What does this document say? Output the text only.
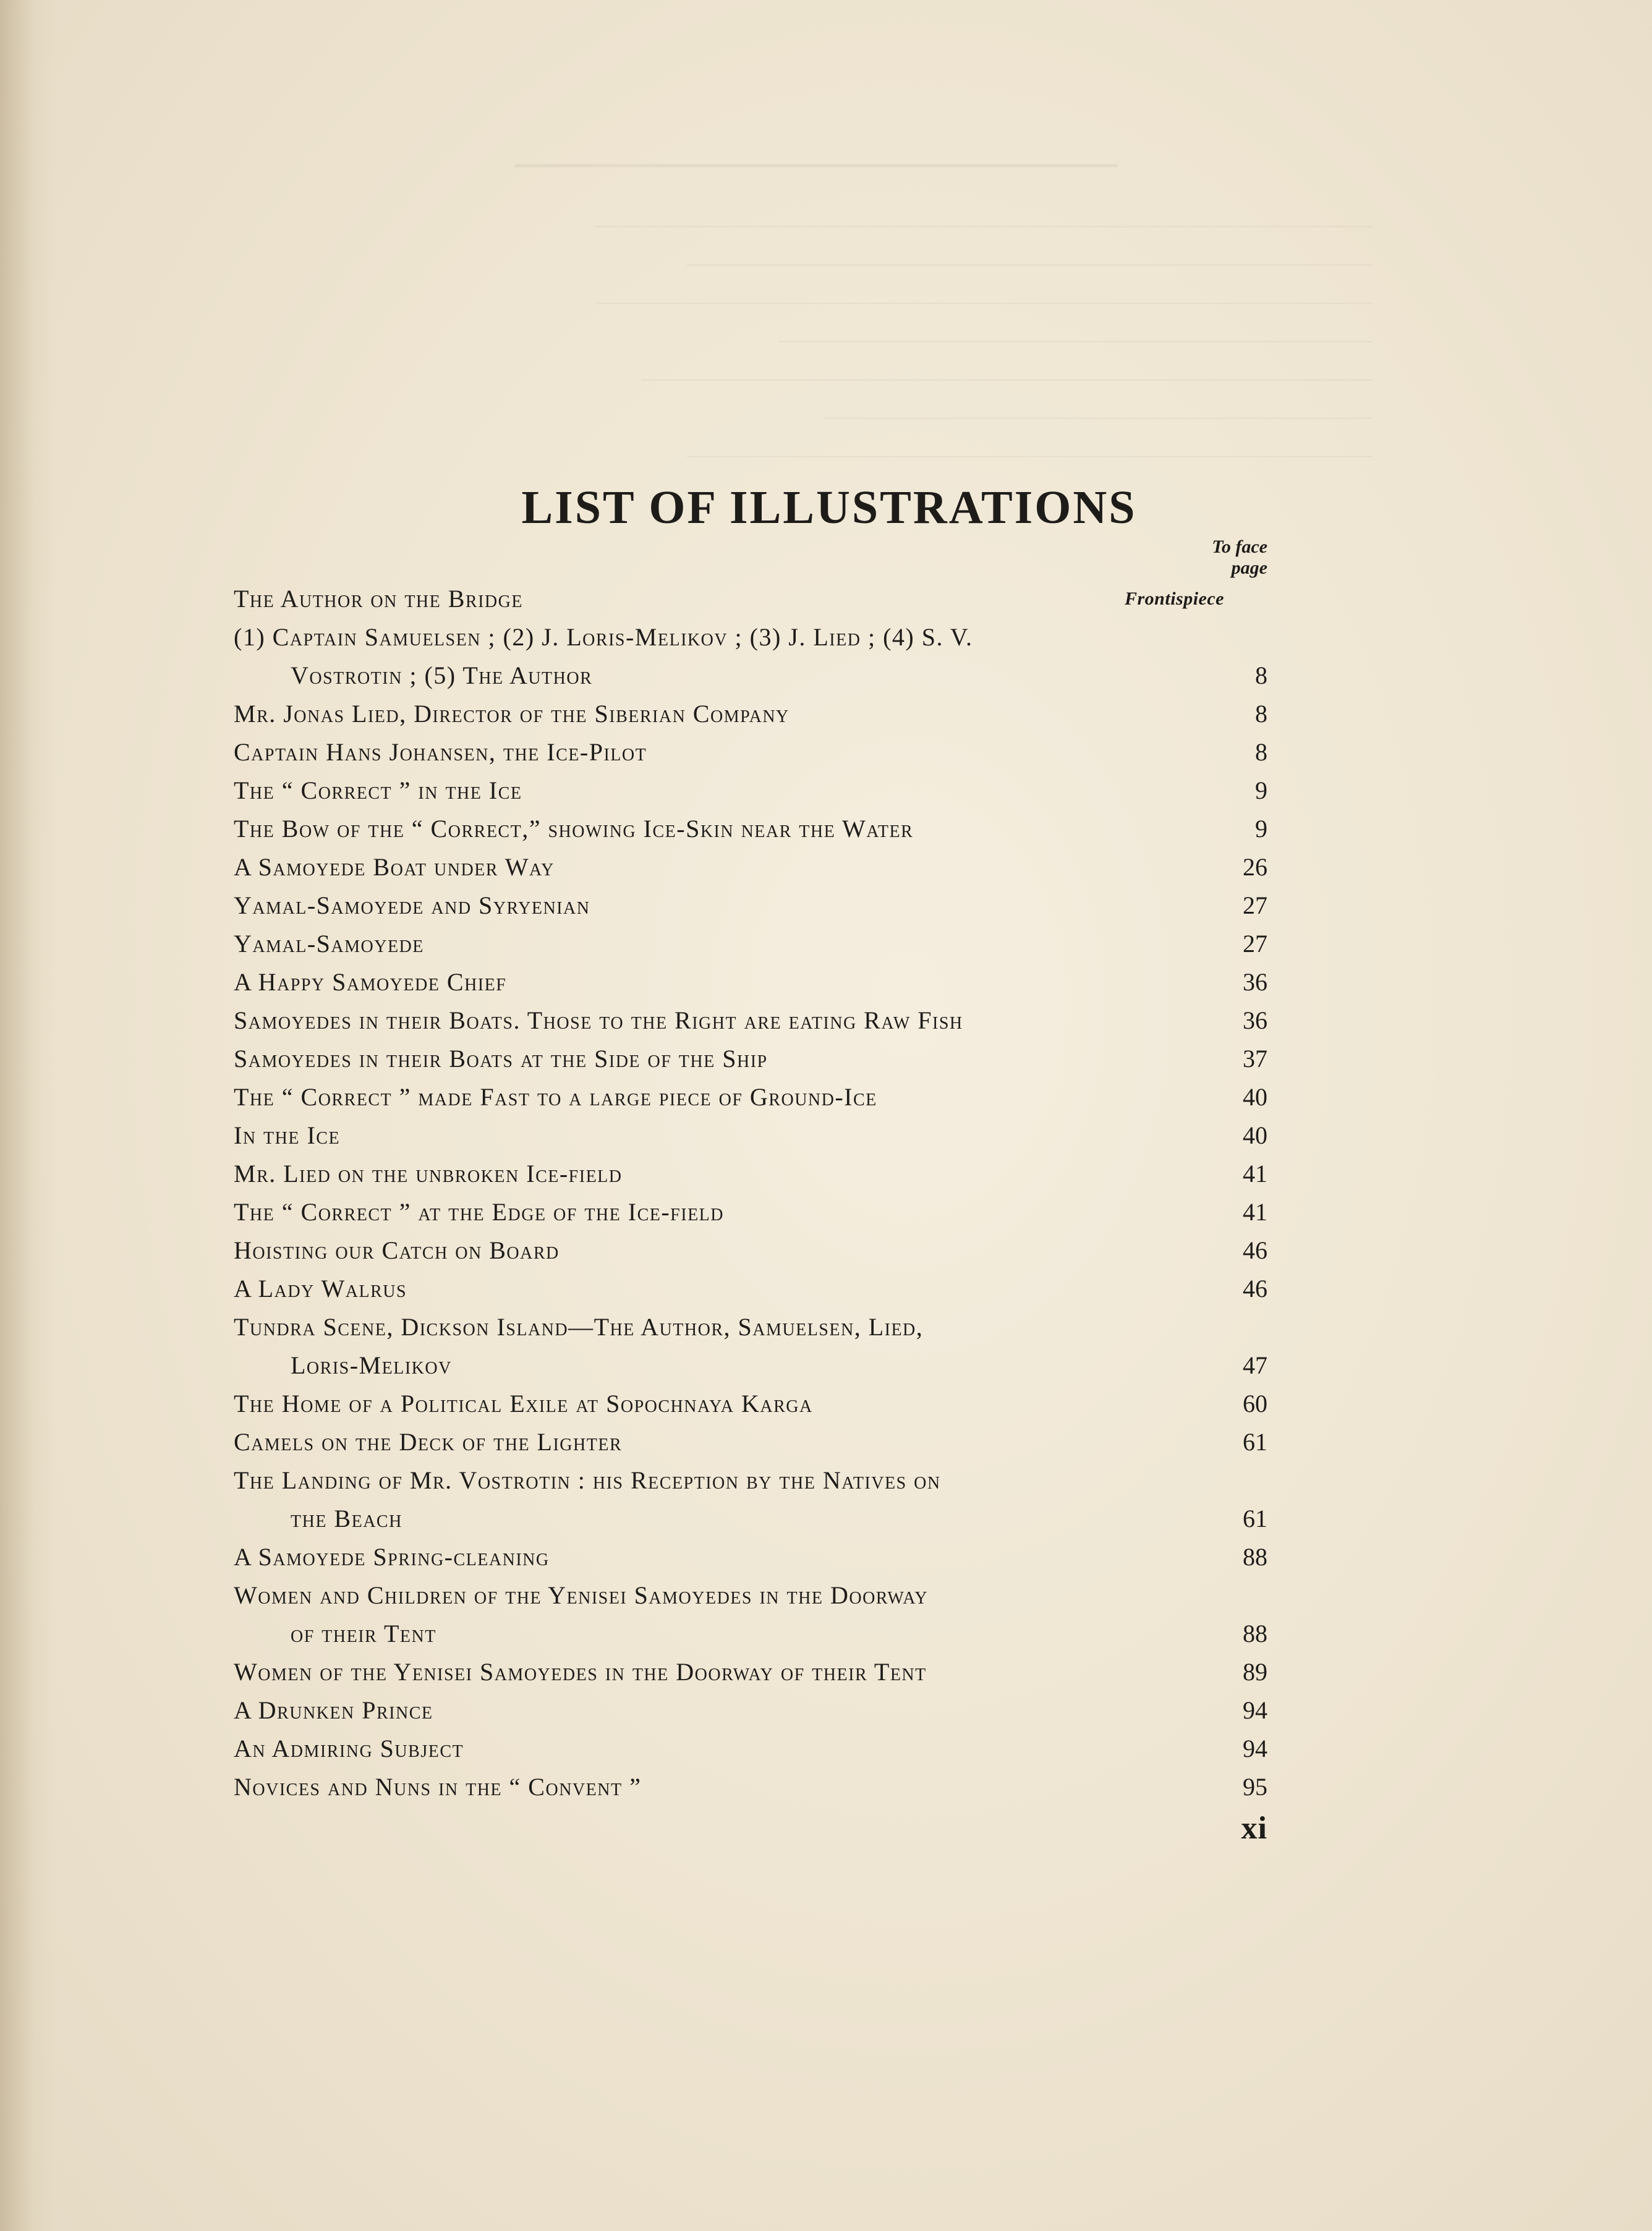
—————————————
——————————————————————————————————
——————————————————————————————
——————————————————————————————————
——————————————————————————
————————————————————————————————
————————————————————————
——————————————————————————————
LIST OF ILLUSTRATIONS
To face
page
The Author on the Bridge	Frontispiece
(1) Captain Samuelsen ; (2) J. Loris-Melikov ; (3) J. Lied ; (4) S. V.
Vostrotin ; (5) The Author	8
Mr. Jonas Lied, Director of the Siberian Company	8
Captain Hans Johansen, the Ice-Pilot	8
The “ Correct ” in the Ice	9
The Bow of the “ Correct,” showing Ice-Skin near the Water	9
A Samoyede Boat under Way	26
Yamal-Samoyede and Syryenian	27
Yamal-Samoyede	27
A Happy Samoyede Chief	36
Samoyedes in their Boats. Those to the Right are eating Raw Fish	36
Samoyedes in their Boats at the Side of the Ship	37
The “ Correct ” made Fast to a large piece of Ground-Ice	40
In the Ice	40
Mr. Lied on the unbroken Ice-field	41
The “ Correct ” at the Edge of the Ice-field	41
Hoisting our Catch on Board	46
A Lady Walrus	46
Tundra Scene, Dickson Island—The Author, Samuelsen, Lied,
Loris-Melikov	47
The Home of a Political Exile at Sopochnaya Karga	60
Camels on the Deck of the Lighter	61
The Landing of Mr. Vostrotin : his Reception by the Natives on
the Beach	61
A Samoyede Spring-cleaning	88
Women and Children of the Yenisei Samoyedes in the Doorway
of their Tent	88
Women of the Yenisei Samoyedes in the Doorway of their Tent	89
A Drunken Prince	94
An Admiring Subject	94
Novices and Nuns in the “ Convent ”	95
xi
